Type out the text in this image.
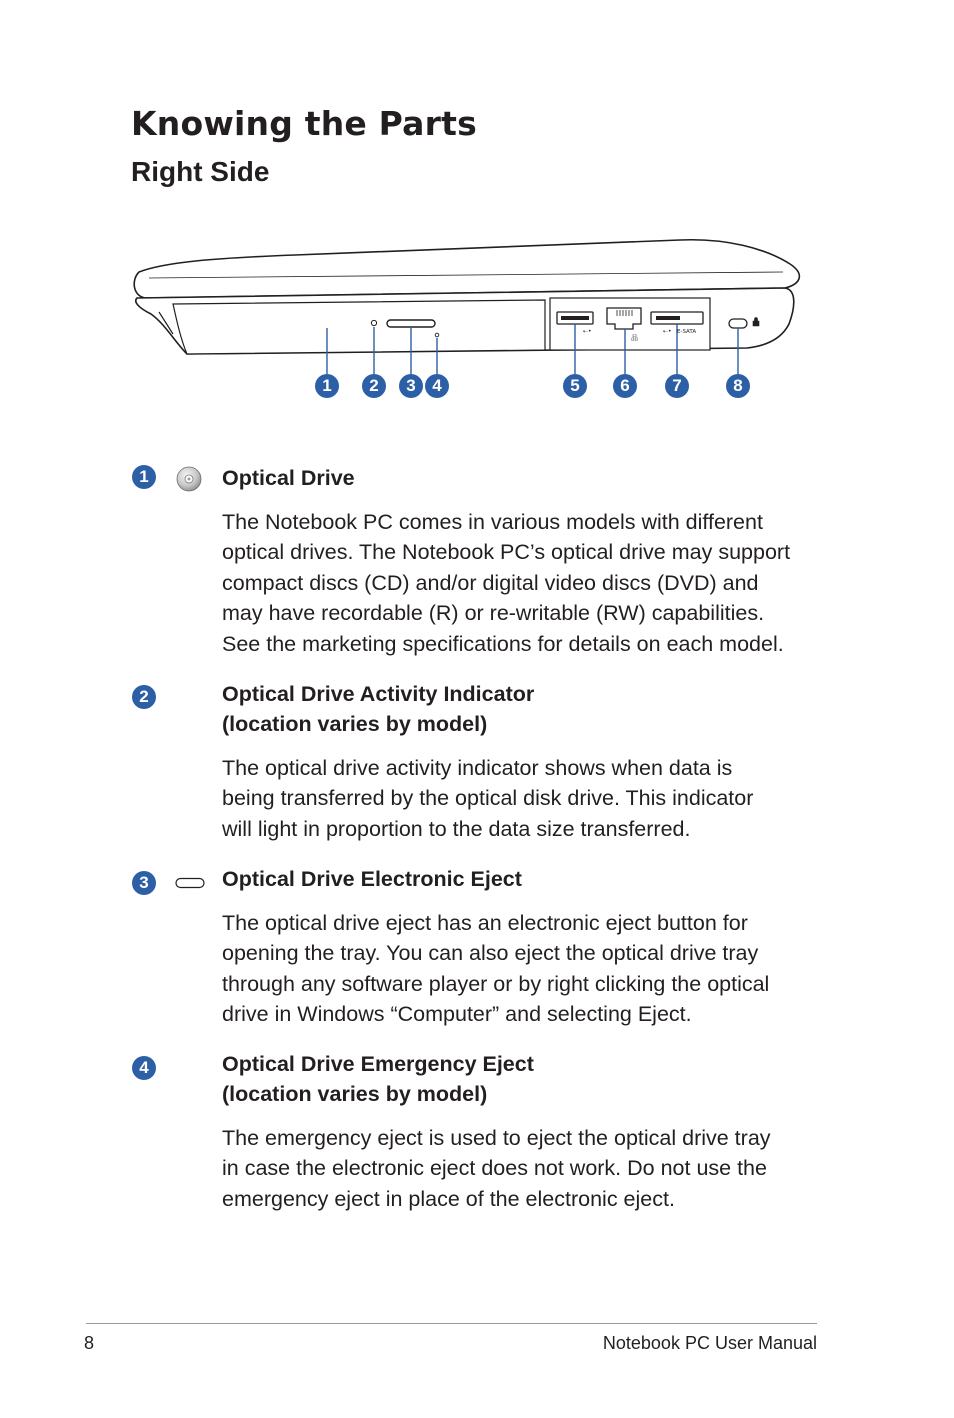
Knowing the Parts
Right Side
⇠•
品
⇠• E-SATA
1	2	3 4	5	6	7	8
1	Optical Drive
The Notebook PC comes in various models with different
optical drives. The Notebook PC’s optical drive may support
compact discs (CD) and/or digital video discs (DVD) and
may have recordable (R) or re-writable (RW) capabilities.
See the marketing specifications for details on each model.
2	Optical Drive Activity Indicator
(location varies by model)
The optical drive activity indicator shows when data is
being transferred by the optical disk drive. This indicator
will light in proportion to the data size transferred.
3	Optical Drive Electronic Eject
The optical drive eject has an electronic eject button for
opening the tray. You can also eject the optical drive tray
through any software player or by right clicking the optical
drive in Windows “Computer” and selecting Eject.
4	Optical Drive Emergency Eject
(location varies by model)
The emergency eject is used to eject the optical drive tray
in case the electronic eject does not work. Do not use the
emergency eject in place of the electronic eject.
8	Notebook PC User Manual
